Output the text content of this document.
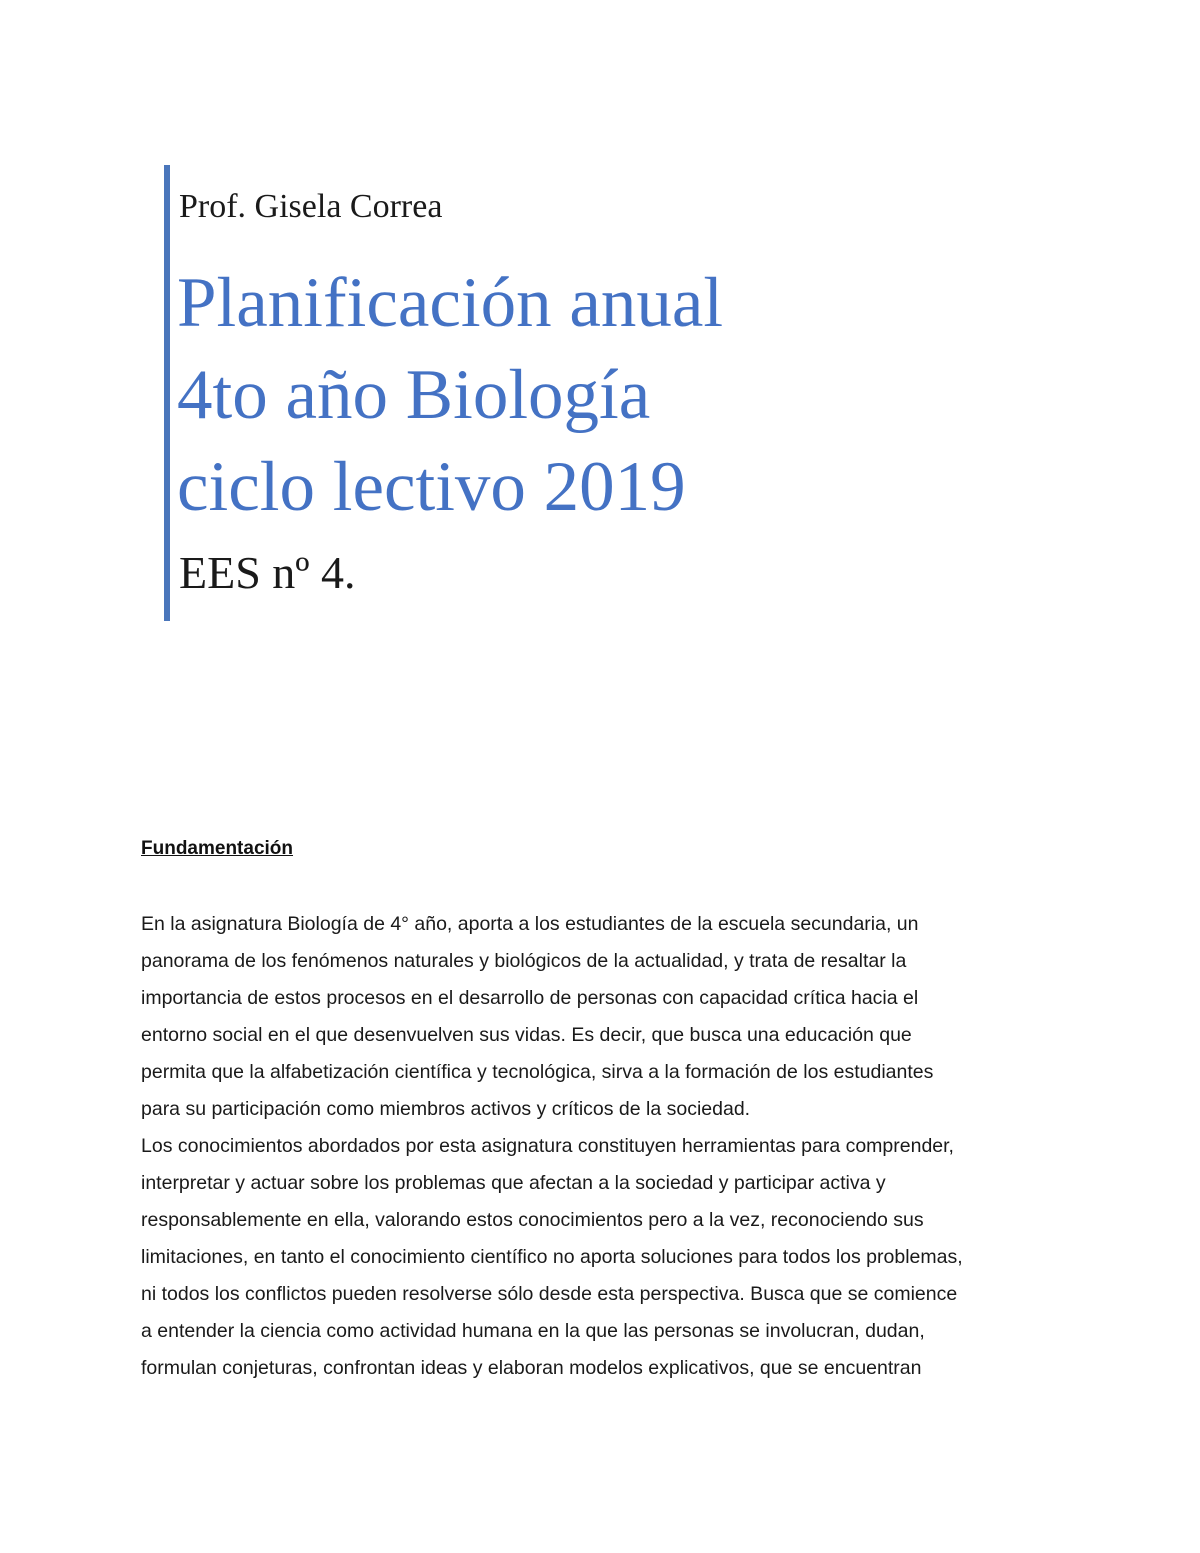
Prof. Gisela Correa
Planificación anual
4to año Biología
ciclo lectivo 2019
EES nº 4.
Fundamentación
En la asignatura Biología de 4° año, aporta a los estudiantes de la escuela secundaria, un
panorama de los fenómenos naturales y biológicos de la actualidad, y trata de resaltar la
importancia de estos procesos en el desarrollo de personas con capacidad crítica hacia el
entorno social en el que desenvuelven sus vidas. Es decir, que busca una educación que
permita que la alfabetización científica y tecnológica, sirva a la formación de los estudiantes
para su participación como miembros activos y críticos de la sociedad.
Los conocimientos abordados por esta asignatura constituyen herramientas para comprender,
interpretar y actuar sobre los problemas que afectan a la sociedad y participar activa y
responsablemente en ella, valorando estos conocimientos pero a la vez, reconociendo sus
limitaciones, en tanto el conocimiento científico no aporta soluciones para todos los problemas,
ni todos los conflictos pueden resolverse sólo desde esta perspectiva. Busca que se comience
a entender la ciencia como actividad humana en la que las personas se involucran, dudan,
formulan conjeturas, confrontan ideas y elaboran modelos explicativos, que se encuentran
